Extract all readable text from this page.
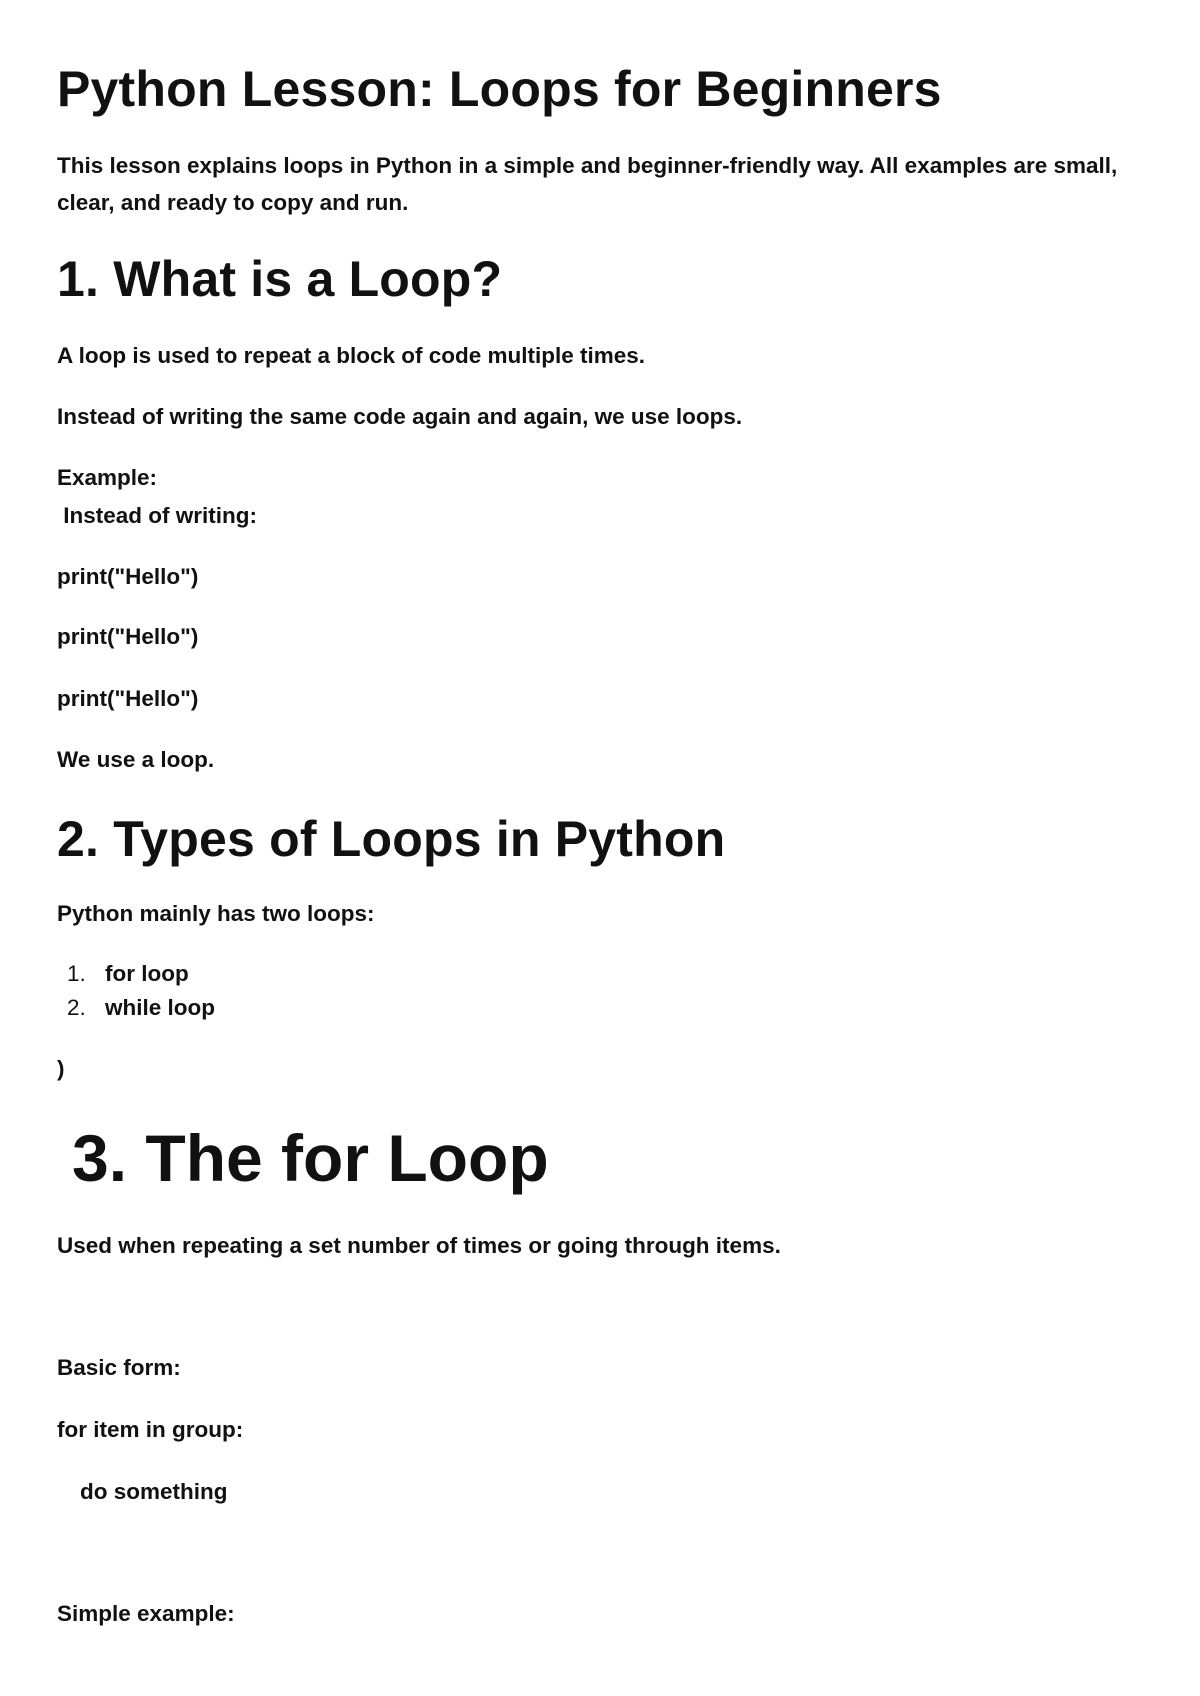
Python Lesson: Loops for Beginners

This lesson explains loops in Python in a simple and beginner-friendly way. All examples are small, clear, and ready to copy and run.

1. What is a Loop?

A loop is used to repeat a block of code multiple times.

Instead of writing the same code again and again, we use loops.

Example:

Instead of writing:

print("Hello")

print("Hello")

print("Hello")

We use a loop.

2. Types of Loops in Python

Python mainly has two loops:

1. for loop
2. while loop

)

3. The for Loop

Used when repeating a set number of times or going through items.

Basic form:

for item in group:

do something

Simple example:
